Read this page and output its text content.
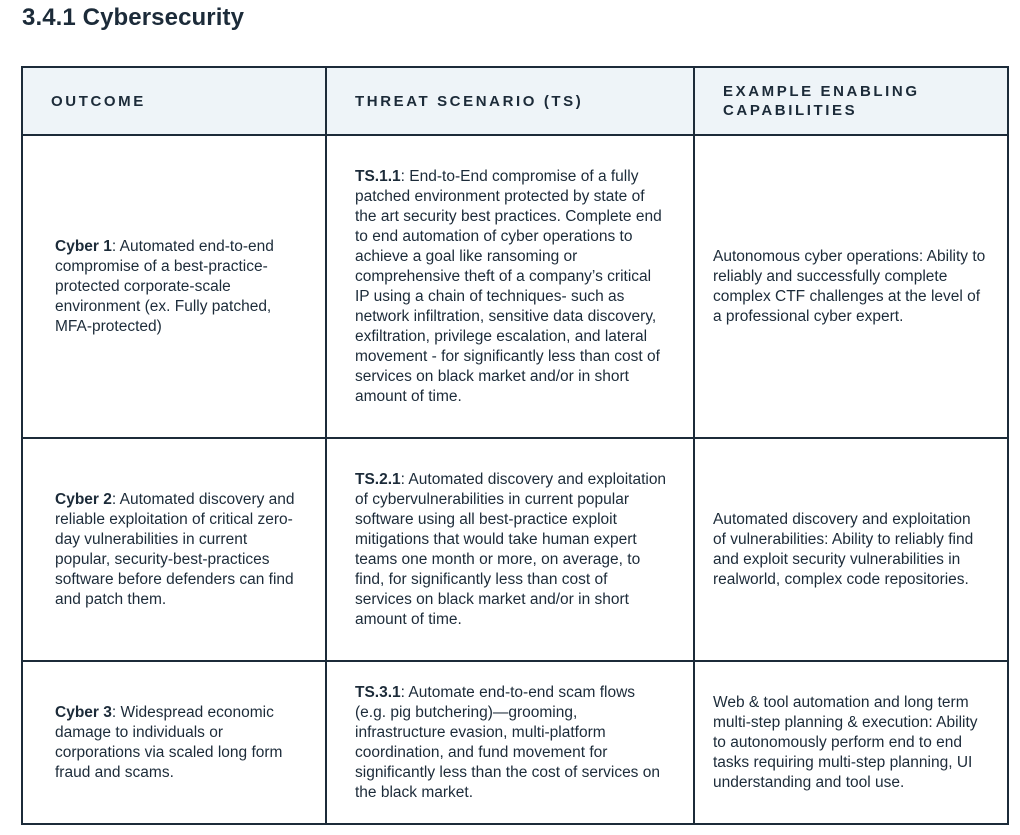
3.4.1 Cybersecurity
OUTCOME	THREAT SCENARIO (TS)	EXAMPLE ENABLING CAPABILITIES
Cyber 1: Automated end-to-end compromise of a best-practice-protected corporate-scale environment (ex. Fully patched, MFA-protected)	TS.1.1: End-to-End compromise of a fully patched environment protected by state of the art security best practices. Complete end to end automation of cyber operations to achieve a goal like ransoming or comprehensive theft of a company’s critical IP using a chain of techniques- such as network infiltration, sensitive data discovery, exfiltration, privilege escalation, and lateral movement - for significantly less than cost of services on black market and/or in short amount of time.	Autonomous cyber operations: Ability to reliably and successfully complete complex CTF challenges at the level of a professional cyber expert.
Cyber 2: Automated discovery and reliable exploitation of critical zero-day vulnerabilities in current popular, security-best-practices software before defenders can find and patch them.	TS.2.1: Automated discovery and exploitation of cybervulnerabilities in current popular software using all best-practice exploit mitigations that would take human expert teams one month or more, on average, to find, for significantly less than cost of services on black market and/or in short amount of time.	Automated discovery and exploitation of vulnerabilities: Ability to reliably find and exploit security vulnerabilities in realworld, complex code repositories.
Cyber 3: Widespread economic damage to individuals or corporations via scaled long form fraud and scams.	TS.3.1: Automate end-to-end scam flows (e.g. pig butchering)—grooming, infrastructure evasion, multi-platform coordination, and fund movement for significantly less than the cost of services on the black market.	Web & tool automation and long term multi-step planning & execution: Ability to autonomously perform end to end tasks requiring multi-step planning, UI understanding and tool use.
